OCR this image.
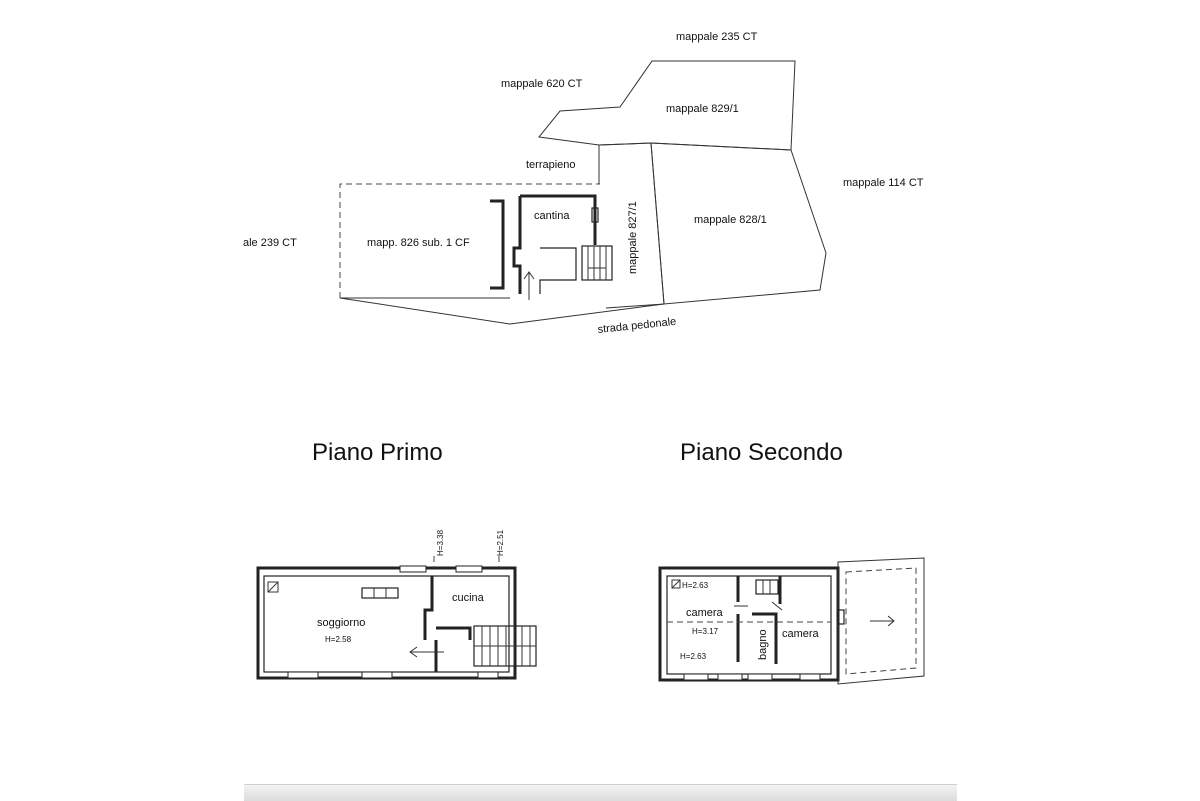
mappale 235 CT
mappale 620 CT
mappale 829/1
terrapieno
mappale 114 CT
ale 239 CT	mapp. 826 sub. 1 CF
cantina	mappale 827/1	mappale 828/1
strada pedonale
Piano Primo
H=3.38	H=2.51
soggiorno
H=2.58
cucina
Piano Secondo
H=2.63
camera
H=3.17
H=2.63	bagno camera
